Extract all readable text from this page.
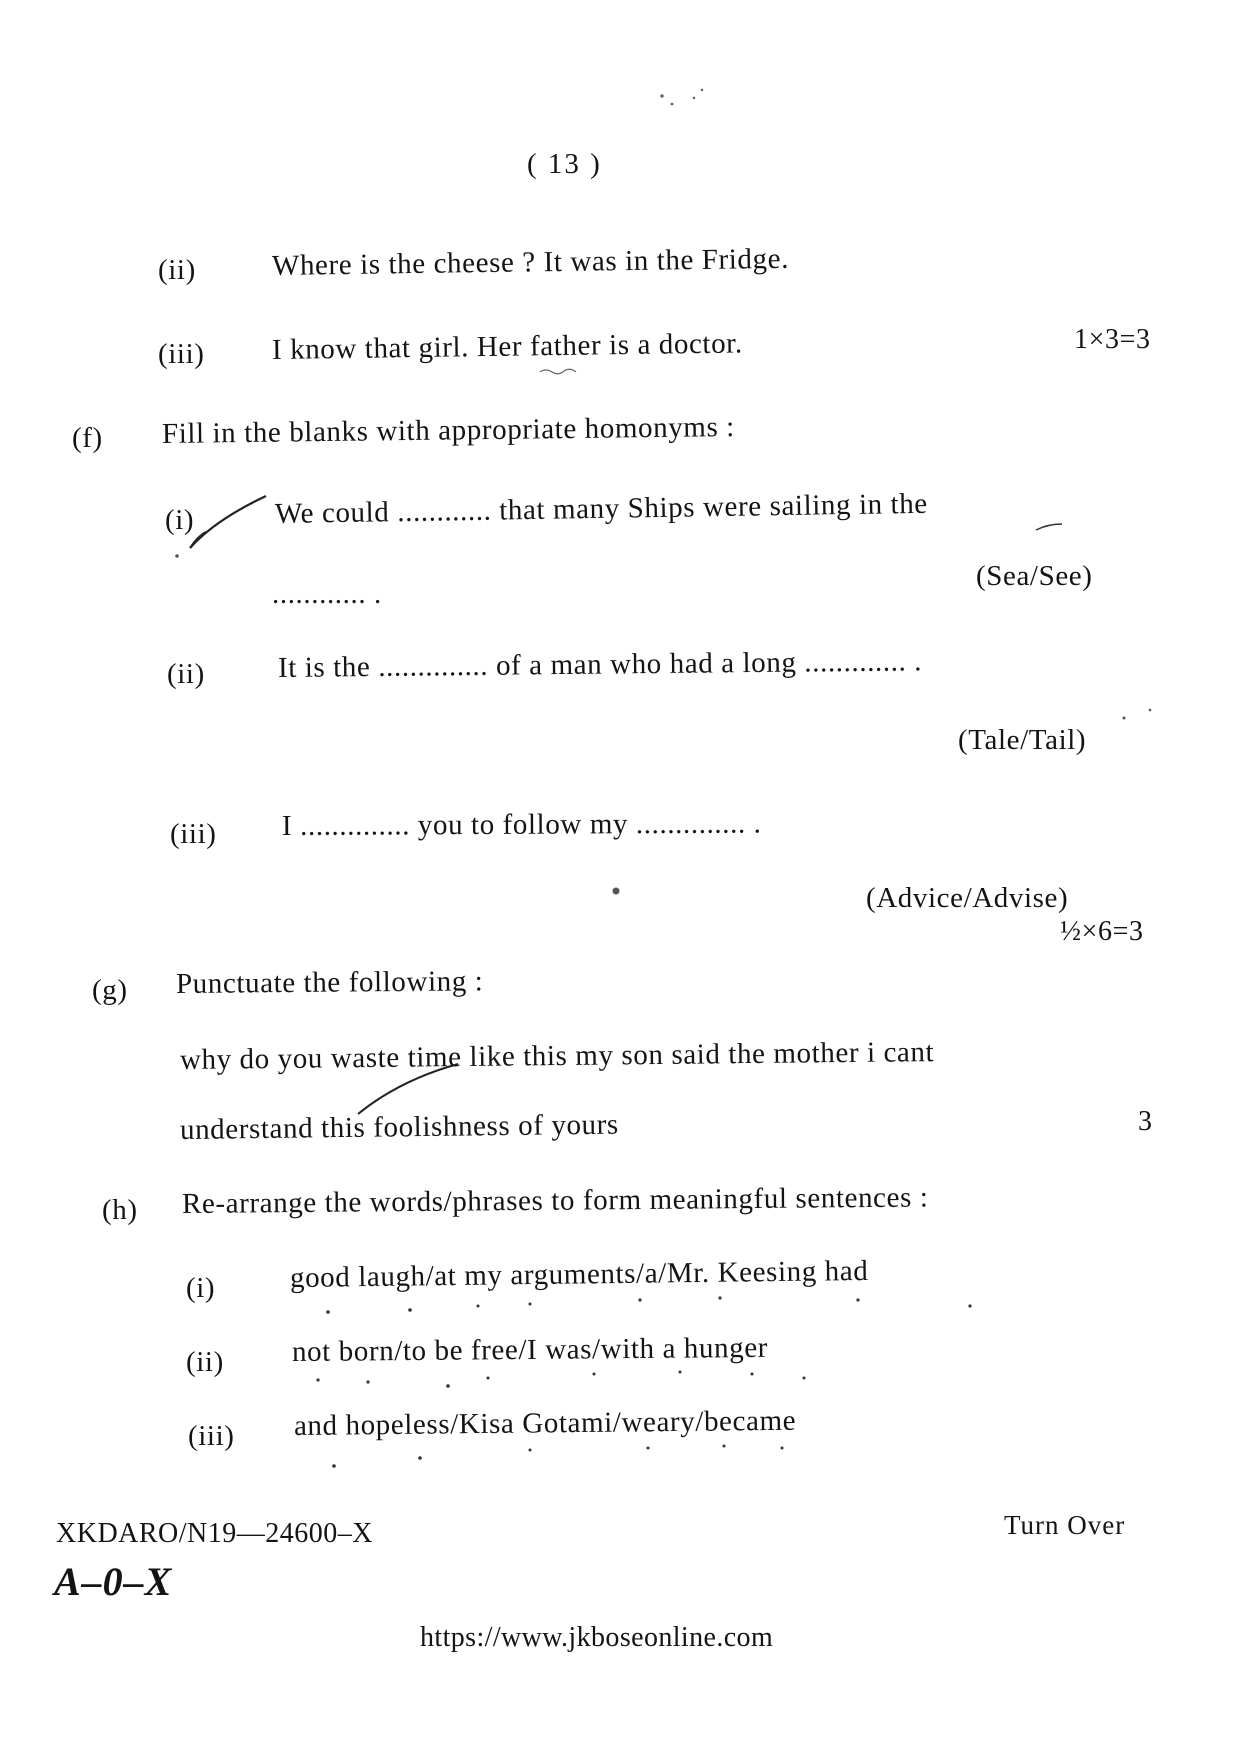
( 13 )
(ii)	Where is the cheese ? It was in the Fridge.
(iii) I know that girl. Her father is a doctor.	1×3=3
(f) Fill in the blanks with appropriate homonyms :
(i)	We could ............ that many Ships were sailing in the
............ .
(Sea/See)
(ii)	It is the .............. of a man who had a long ............. .
(Tale/Tail)
(iii) I .............. you to follow my .............. .
(Advice/Advise)
½×6=3
(g) Punctuate the following :
why do you waste time like this my son said the mother i cant
understand this foolishness of yours	3
(h) Re-arrange the words/phrases to form meaningful sentences :
(i)	good laugh/at my arguments/a/Mr. Keesing had
(ii) not born/to be free/I was/with a hunger
(iii) and hopeless/Kisa Gotami/weary/became
XKDARO/N19—24600–X	Turn Over
A–0–X
https://www.jkboseonline.com
